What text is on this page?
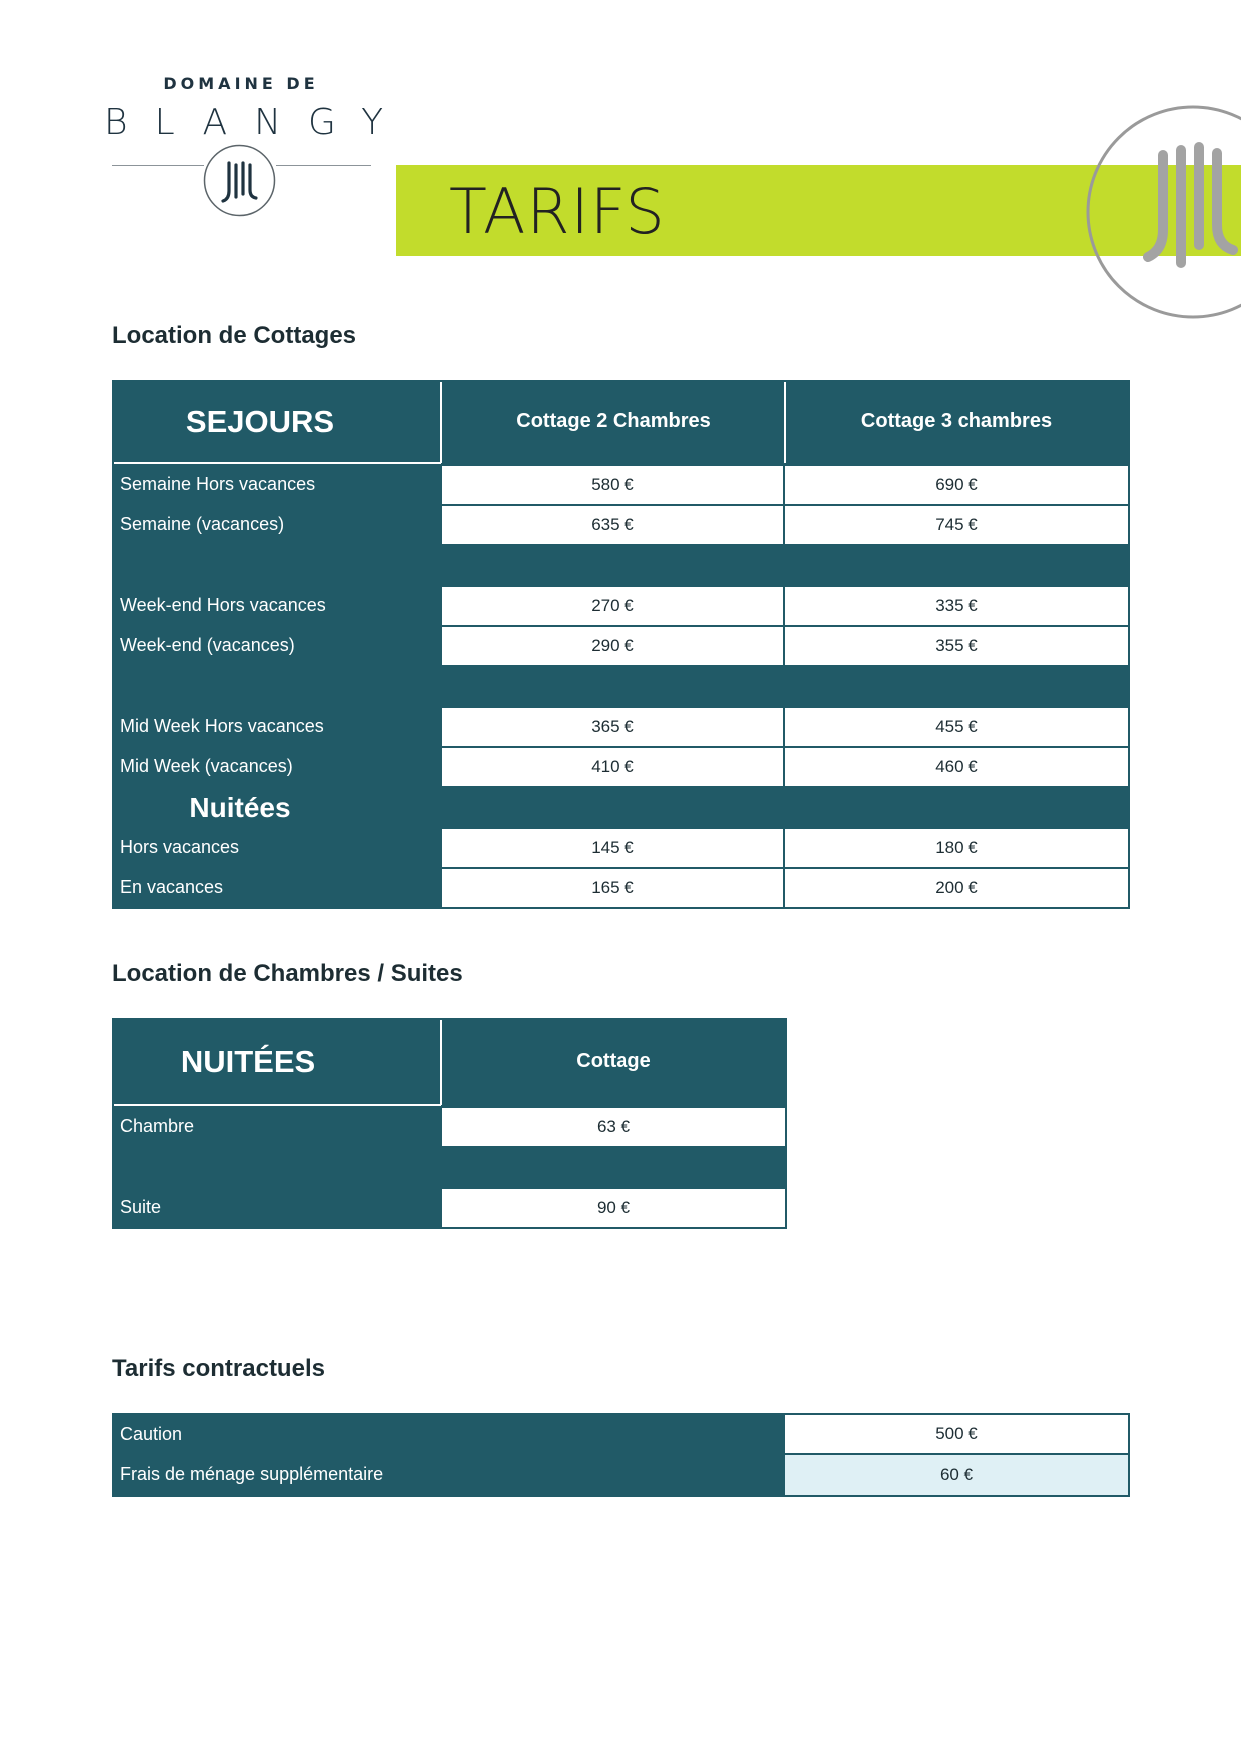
DOMAINE DE
BLANGY
TARIFS
Location de Cottages
SEJOURS	Cottage 2 Chambres	Cottage 3 chambres
Semaine Hors vacances	580 €	690 €
Semaine (vacances)	635 €	745 €
Week-end Hors vacances	270 €	335 €
Week-end (vacances)	290 €	355 €
Mid Week Hors vacances	365 €	455 €
Mid Week (vacances)	410 €	460 €
Nuitées
Hors vacances	145 €	180 €
En vacances	165 €	200 €
Location de Chambres / Suites
NUITÉES	Cottage
Chambre	63 €
Suite	90 €
Tarifs contractuels
Caution	500 €
Frais de ménage supplémentaire	60 €
